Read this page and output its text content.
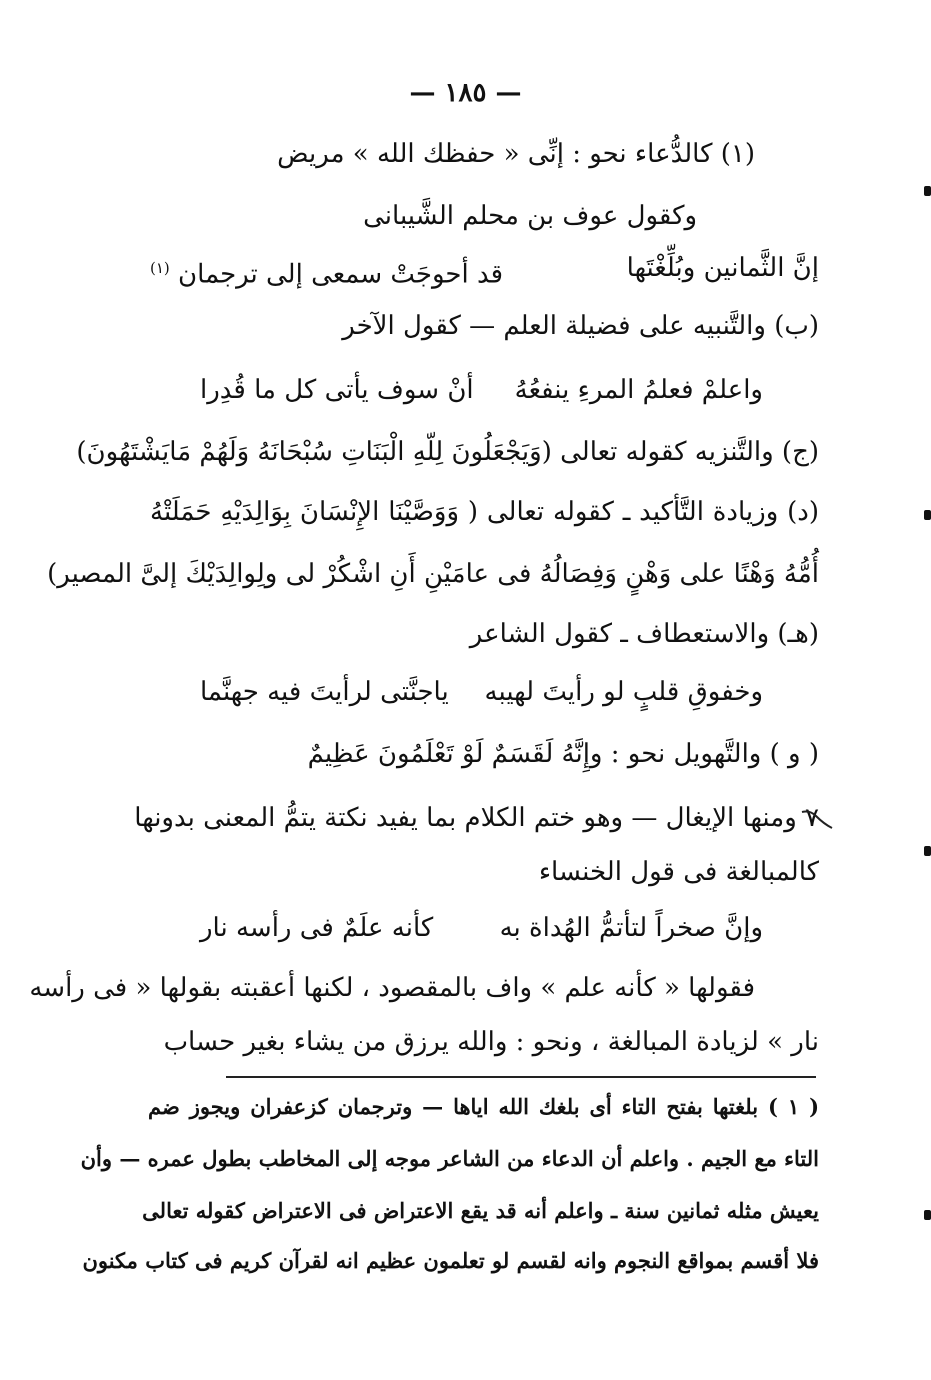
— ١٨٥ —
(١) كالدُّعاء نحو : إنِّى « حفظك الله » مريض
وكقول عوف بن محلم الشَّيبانى
إنَّ الثَّمانين وبُلِّغْتَها
قد أحوجَتْ سمعى إلى ترجمان $^{(١)}$
(ب) والتَّنبيه على فضيلة العلم — كقول الآخر
واعلمْ فعلمُ المرءِ ينفعُهُ
أنْ سوف يأتى كل ما قُدِرا
(ج) والتَّنزيه كقوله تعالى (وَيَجْعَلُونَ لِلّهِ الْبَنَاتِ سُبْحَانَهُ وَلَهُمْ مَايَشْتَهُونَ)
(د) وزيادة التَّأكيد ـ كقوله تعالى ( وَوَصَّيْنَا الإِنْسَانَ بِوَالِدَيْهِ حَمَلَتْهُ
أُمُّهُ وَهْنًا على وَهْنٍ وَفِصَالُهُ فى عامَيْنِ أَنِ اشْكُرْ لى ولِوالِدَيْكَ إلىَّ المصير)
(هـ) والاستعطاف ـ كقول الشاعر
وخفوقِ قلبٍ لو رأيتَ لهيبه
ياجنَّتى لرأيتَ فيه جهنَّما
( و ) والتَّهويل نحو : وإِنَّهُ لَقَسَمٌ لَوْ تَعْلَمُونَ عَظِيمٌ
٧ ومنها الإيغال — وهو ختم الكلام بما يفيد نكتة يتمُّ المعنى بدونها
كالمبالغة فى قول الخنساء
وإنَّ صخراً لتأتمُّ الهُداة به
كأنه علَمٌ فى رأسه نار
فقولها « كأنه علم » واف بالمقصود ، لكنها أعقبته بقولها « فى رأسه
نار » لزيادة المبالغة ، ونحو : والله يرزق من يشاء بغير حساب
( ١ ) بلغتها بفتح التاء أى بلغك الله اياها — وترجمان كزعفران ويجوز ضم
التاء مع الجيم . واعلم أن الدعاء من الشاعر موجه إلى المخاطب بطول عمره — وأن
يعيش مثله ثمانين سنة ـ واعلم أنه قد يقع الاعتراض فى الاعتراض كقوله تعالى
فلا أقسم بمواقع النجوم وانه لقسم لو تعلمون عظيم انه لقرآن كريم فى كتاب مكنون
